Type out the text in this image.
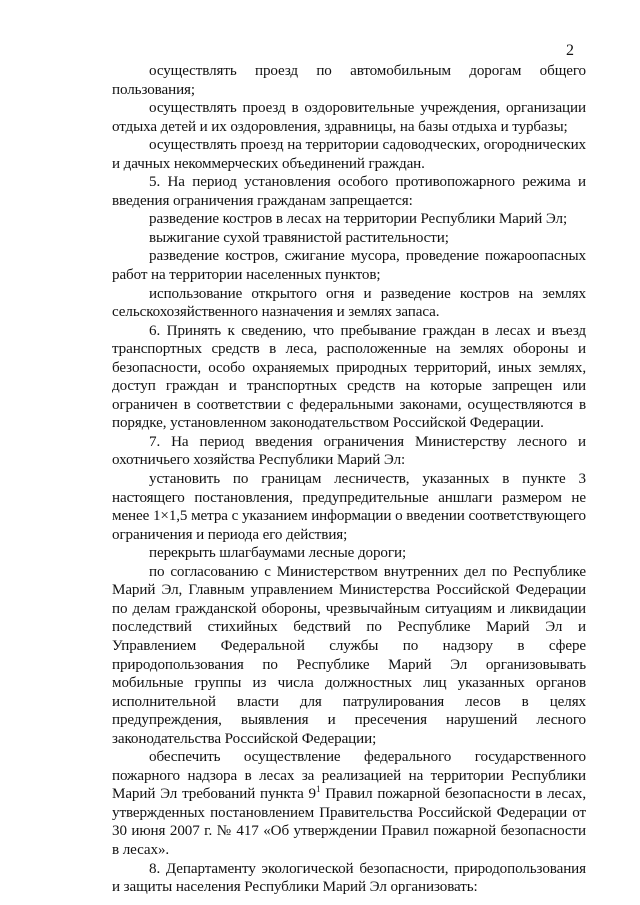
2

осуществлять проезд по автомобильным дорогам общего пользования;

осуществлять проезд в оздоровительные учреждения, организации отдыха детей и их оздоровления, здравницы, на базы отдыха и турбазы;

осуществлять проезд на территории садоводческих, огороднических и дачных некоммерческих объединений граждан.

5. На период установления особого противопожарного режима и введения ограничения гражданам запрещается:

разведение костров в лесах на территории Республики Марий Эл;

выжигание сухой травянистой растительности;

разведение костров, сжигание мусора, проведение пожароопасных работ на территории населенных пунктов;

использование открытого огня и разведение костров на землях сельскохозяйственного назначения и землях запаса.

6. Принять к сведению, что пребывание граждан в лесах и въезд транспортных средств в леса, расположенные на землях обороны и безопасности, особо охраняемых природных территорий, иных землях, доступ граждан и транспортных средств на которые запрещен или ограничен в соответствии с федеральными законами, осуществляются в порядке, установленном законодательством Российской Федерации.

7. На период введения ограничения Министерству лесного и охотничьего хозяйства Республики Марий Эл:

установить по границам лесничеств, указанных в пункте 3 настоящего постановления, предупредительные аншлаги размером не менее 1×1,5 метра с указанием информации о введении соответствующего ограничения и периода его действия;

перекрыть шлагбаумами лесные дороги;

по согласованию с Министерством внутренних дел по Республике Марий Эл, Главным управлением Министерства Российской Федерации по делам гражданской обороны, чрезвычайным ситуациям и ликвидации последствий стихийных бедствий по Республике Марий Эл и Управлением Федеральной службы по надзору в сфере природопользования по Республике Марий Эл организовывать мобильные группы из числа должностных лиц указанных органов исполнительной власти для патрулирования лесов в целях предупреждения, выявления и пресечения нарушений лесного законодательства Российской Федерации;

обеспечить осуществление федерального государственного пожарного надзора в лесах за реализацией на территории Республики Марий Эл требований пункта $9^1$ Правил пожарной безопасности в лесах, утвержденных постановлением Правительства Российской Федерации от 30 июня 2007 г. № 417 «Об утверждении Правил пожарной безопасности в лесах».

8. Департаменту экологической безопасности, природопользования и защиты населения Республики Марий Эл организовать:
